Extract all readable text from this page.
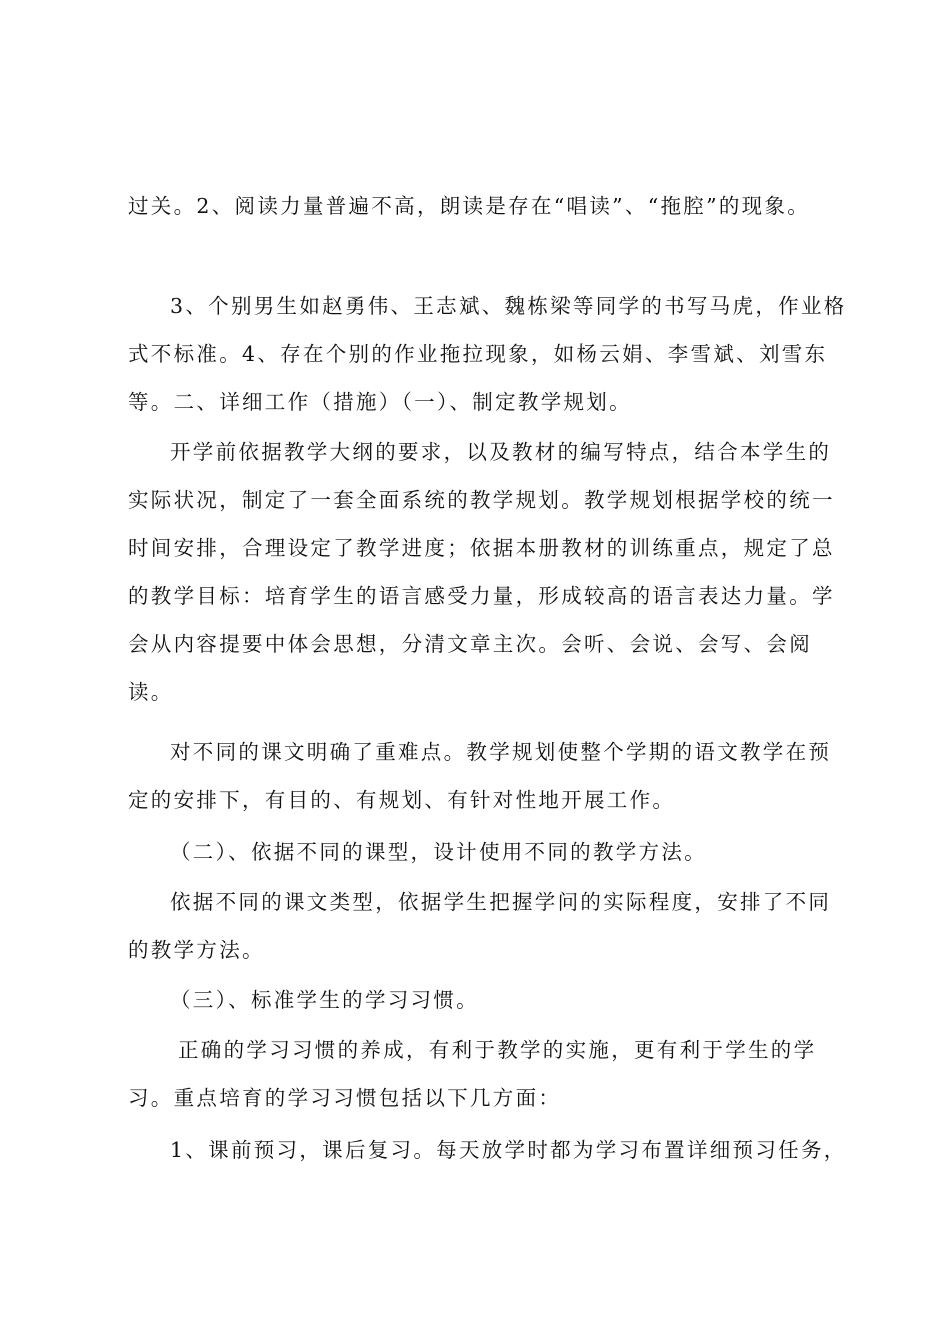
过关。2、阅读力量普遍不高，朗读是存在“唱读”、“拖腔”的现象。
3、个别男生如赵勇伟、王志斌、魏栋梁等同学的书写马虎，作业格
式不标准。4、存在个别的作业拖拉现象，如杨云娟、李雪斌、刘雪东
等。二、详细工作（措施）（一）、制定教学规划。
开学前依据教学大纲的要求，以及教材的编写特点，结合本学生的
实际状况，制定了一套全面系统的教学规划。教学规划根据学校的统一
时间安排，合理设定了教学进度；依据本册教材的训练重点，规定了总
的教学目标：培育学生的语言感受力量，形成较高的语言表达力量。学
会从内容提要中体会思想，分清文章主次。会听、会说、会写、会阅
读。
对不同的课文明确了重难点。教学规划使整个学期的语文教学在预
定的安排下，有目的、有规划、有针对性地开展工作。
（二）、依据不同的课型，设计使用不同的教学方法。
依据不同的课文类型，依据学生把握学问的实际程度，安排了不同
的教学方法。
（三）、标准学生的学习习惯。
正确的学习习惯的养成，有利于教学的实施，更有利于学生的学
习。重点培育的学习习惯包括以下几方面：
1、课前预习，课后复习。每天放学时都为学习布置详细预习任务，
